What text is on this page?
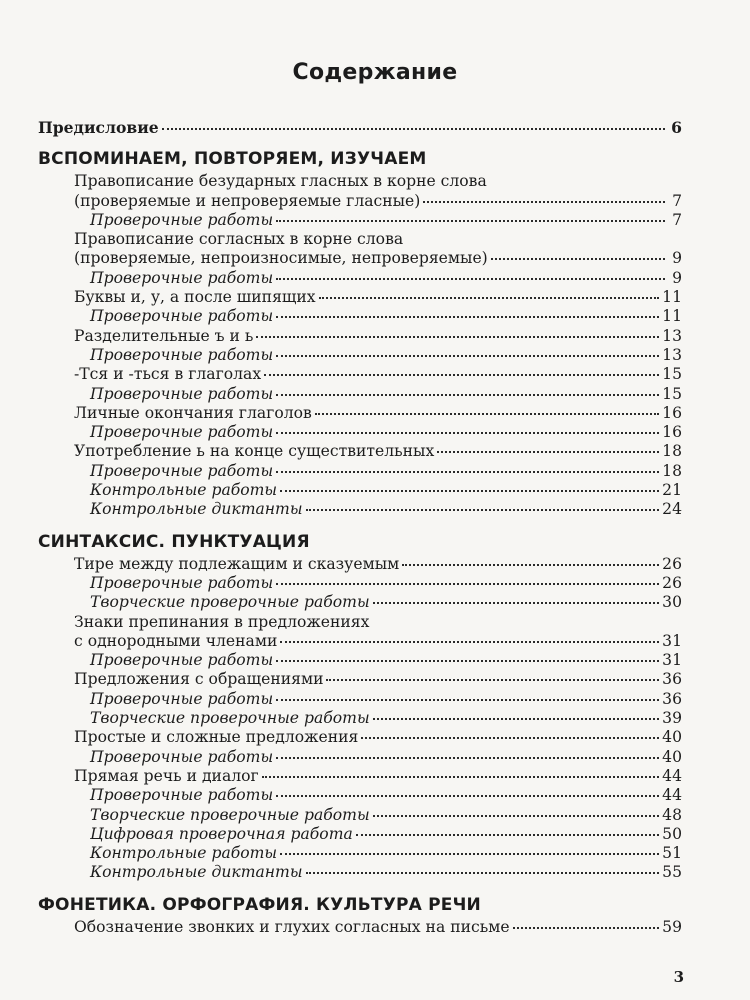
Содержание
Предисловие	6
ВСПОМИНАЕМ, ПОВТОРЯЕМ, ИЗУЧАЕМ
Правописание безударных гласных в корне слова
(проверяемые и непроверяемые гласные)	7
Проверочные работы	7
Правописание согласных в корне слова
(проверяемые, непроизносимые, непроверяемые)	9
Проверочные работы	9
Буквы и, у, а после шипящих	11
Проверочные работы	11
Разделительные ъ и ь	13
Проверочные работы	13
-Тся и -ться в глаголах	15
Проверочные работы	15
Личные окончания глаголов	16
Проверочные работы	16
Употребление ь на конце существительных	18
Проверочные работы	18
Контрольные работы	21
Контрольные диктанты	24
СИНТАКСИС. ПУНКТУАЦИЯ
Тире между подлежащим и сказуемым	26
Проверочные работы	26
Творческие проверочные работы	30
Знаки препинания в предложениях
с однородными членами	31
Проверочные работы	31
Предложения с обращениями	36
Проверочные работы	36
Творческие проверочные работы	39
Простые и сложные предложения	40
Проверочные работы	40
Прямая речь и диалог	44
Проверочные работы	44
Творческие проверочные работы	48
Цифровая проверочная работа	50
Контрольные работы	51
Контрольные диктанты	55
ФОНЕТИКА. ОРФОГРАФИЯ. КУЛЬТУРА РЕЧИ
Обозначение звонких и глухих согласных на письме	59
3
